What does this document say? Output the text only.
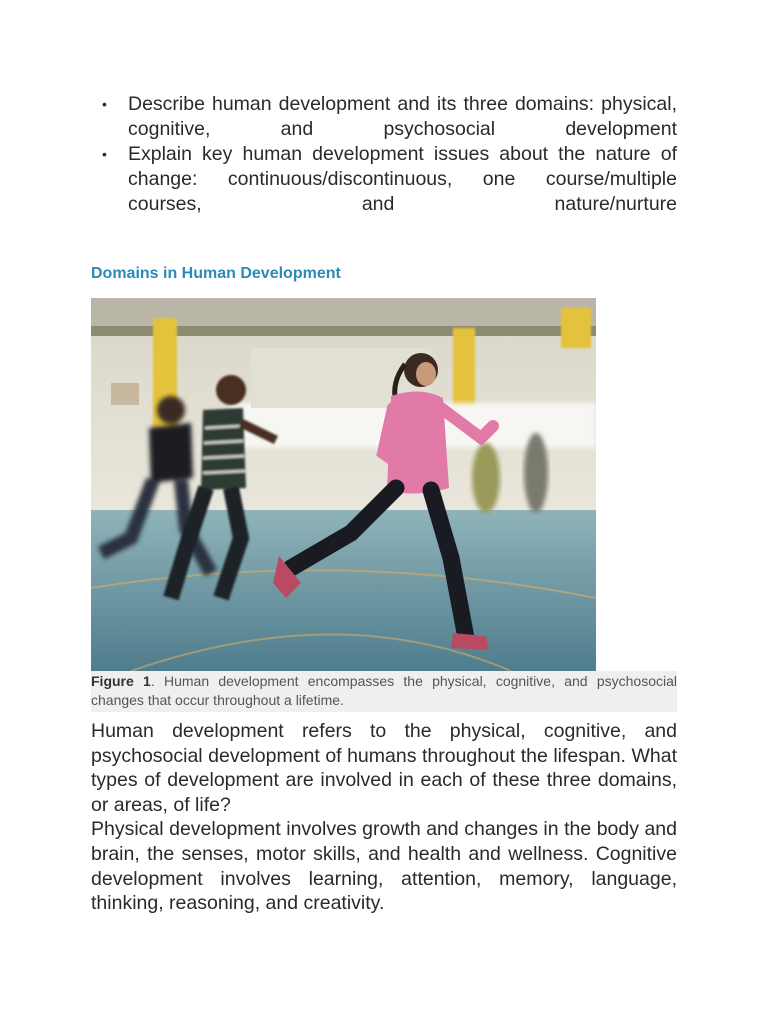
• Describe human development and its three domains: physical, cognitive, and psychosocial development
• Explain key human development issues about the nature of change: continuous/discontinuous, one course/multiple courses, and nature/nurture
Domains in Human Development
Figure 1. Human development encompasses the physical, cognitive, and psychosocial changes that occur throughout a lifetime.

Human development refers to the physical, cognitive, and psychosocial development of humans throughout the lifespan. What types of development are involved in each of these three domains, or areas, of life?

Physical development involves growth and changes in the body and brain, the senses, motor skills, and health and wellness. Cognitive development involves learning, attention, memory, language, thinking, reasoning, and creativity.
